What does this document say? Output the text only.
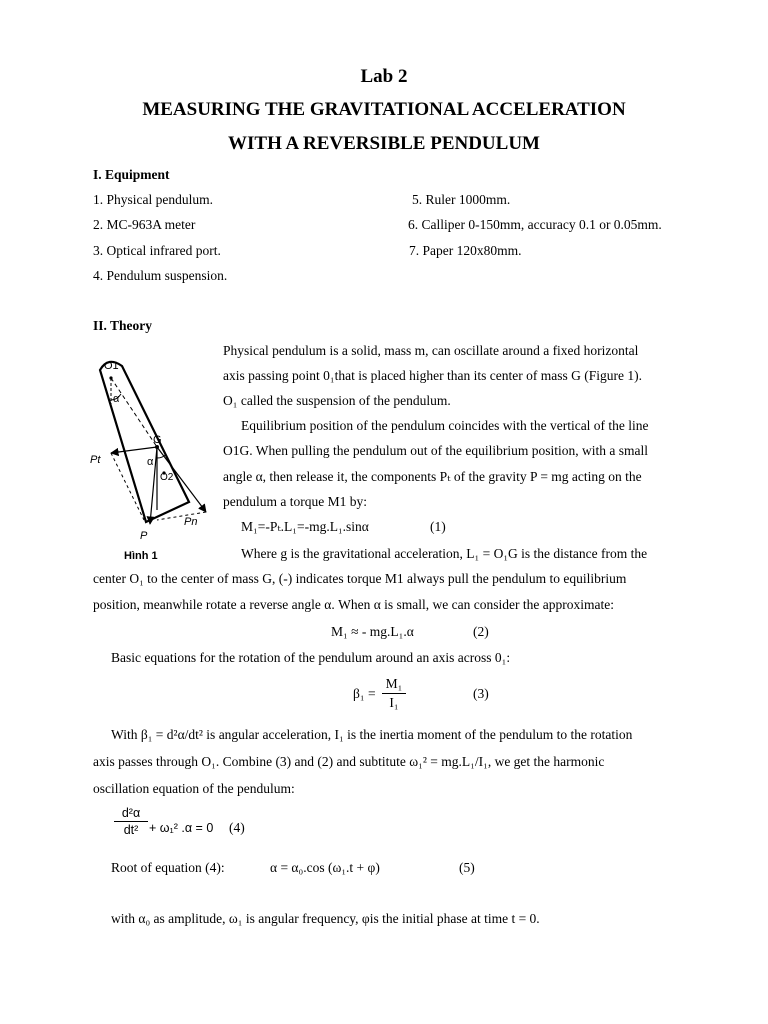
Lab 2
MEASURING THE GRAVITATIONAL ACCELERATION
WITH A REVERSIBLE PENDULUM
I. Equipment
1. Physical pendulum.
2. MC-963A meter
3. Optical infrared port.
4. Pendulum suspension.
5. Ruler 1000mm.
6. Calliper 0-150mm, accuracy 0.1 or 0.05mm.
7. Paper 120x80mm.
II. Theory
O1
α
G
Pt	α
O2
Pn
P
Hình 1
Physical pendulum is a solid, mass m, can oscillate around a fixed horizontal
axis passing point 0₁that is placed higher than its center of mass G (Figure 1).
O₁ called the suspension of the pendulum.
Equilibrium position of the pendulum coincides with the vertical of the line
O1G. When pulling the pendulum out of the equilibrium position, with a small
angle α, then release it, the components Pₜ of the gravity P = mg acting on the
pendulum a torque M1 by:
M₁=-Pₜ.L₁=-mg.L₁.sinα	(1)
Where g is the gravitational acceleration, L₁ = O₁G is the distance from the
center O₁ to the center of mass G, (-) indicates torque M1 always pull the pendulum to equilibrium
position, meanwhile rotate a reverse angle α. When α is small, we can consider the approximate:
M₁ ≈ - mg.L₁.α	(2)
Basic equations for the rotation of the pendulum around an axis across 0₁:
β₁ =
M₁
I₁
(3)
With β₁ = d²α/dt² is angular acceleration, I₁ is the inertia moment of the pendulum to the rotation
axis passes through O₁. Combine (3) and (2) and subtitute ω₁² = mg.L₁/I₁, we get the harmonic
oscillation equation of the pendulum:
d²α
dt² + ω₁² .α = 0 (4)
Root of equation (4):	α = α₀.cos (ω₁.t + φ)	(5)
with α₀ as amplitude, ω₁ is angular frequency, φis the initial phase at time t = 0.
